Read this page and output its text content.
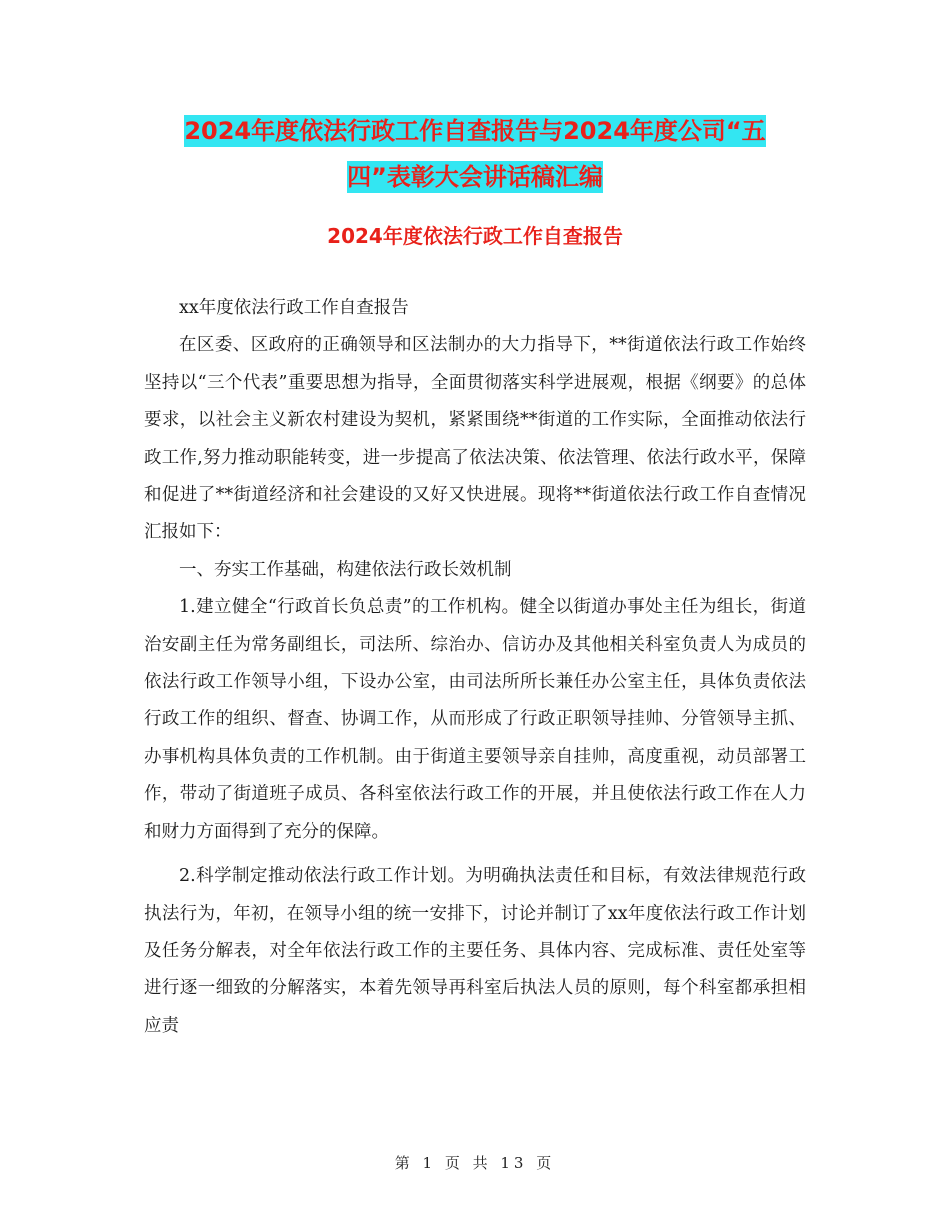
2024年度依法行政工作自查报告与2024年度公司“五
四”表彰大会讲话稿汇编
2024年度依法行政工作自查报告

xx年度依法行政工作自查报告

在区委、区政府的正确领导和区法制办的大力指导下，**街道依法行政工作始终坚持以“三个代表”重要思想为指导，全面贯彻落实科学进展观，根据《纲要》的总体要求，以社会主义新农村建设为契机，紧紧围绕**街道的工作实际，全面推动依法行政工作,努力推动职能转变，进一步提高了依法决策、依法管理、依法行政水平，保障和促进了**街道经济和社会建设的又好又快进展。现将**街道依法行政工作自查情况汇报如下：

一、夯实工作基础，构建依法行政长效机制

1.建立健全“行政首长负总责”的工作机构。健全以街道办事处主任为组长，街道治安副主任为常务副组长，司法所、综治办、信访办及其他相关科室负责人为成员的依法行政工作领导小组，下设办公室，由司法所所长兼任办公室主任，具体负责依法行政工作的组织、督查、协调工作，从而形成了行政正职领导挂帅、分管领导主抓、办事机构具体负责的工作机制。由于街道主要领导亲自挂帅，高度重视，动员部署工作，带动了街道班子成员、各科室依法行政工作的开展，并且使依法行政工作在人力和财力方面得到了充分的保障。

2.科学制定推动依法行政工作计划。为明确执法责任和目标，有效法律规范行政执法行为，年初，在领导小组的统一安排下，讨论并制订了xx年度依法行政工作计划及任务分解表，对全年依法行政工作的主要任务、具体内容、完成标准、责任处室等进行逐一细致的分解落实，本着先领导再科室后执法人员的原则，每个科室都承担相应责

第 1 页 共 13 页
